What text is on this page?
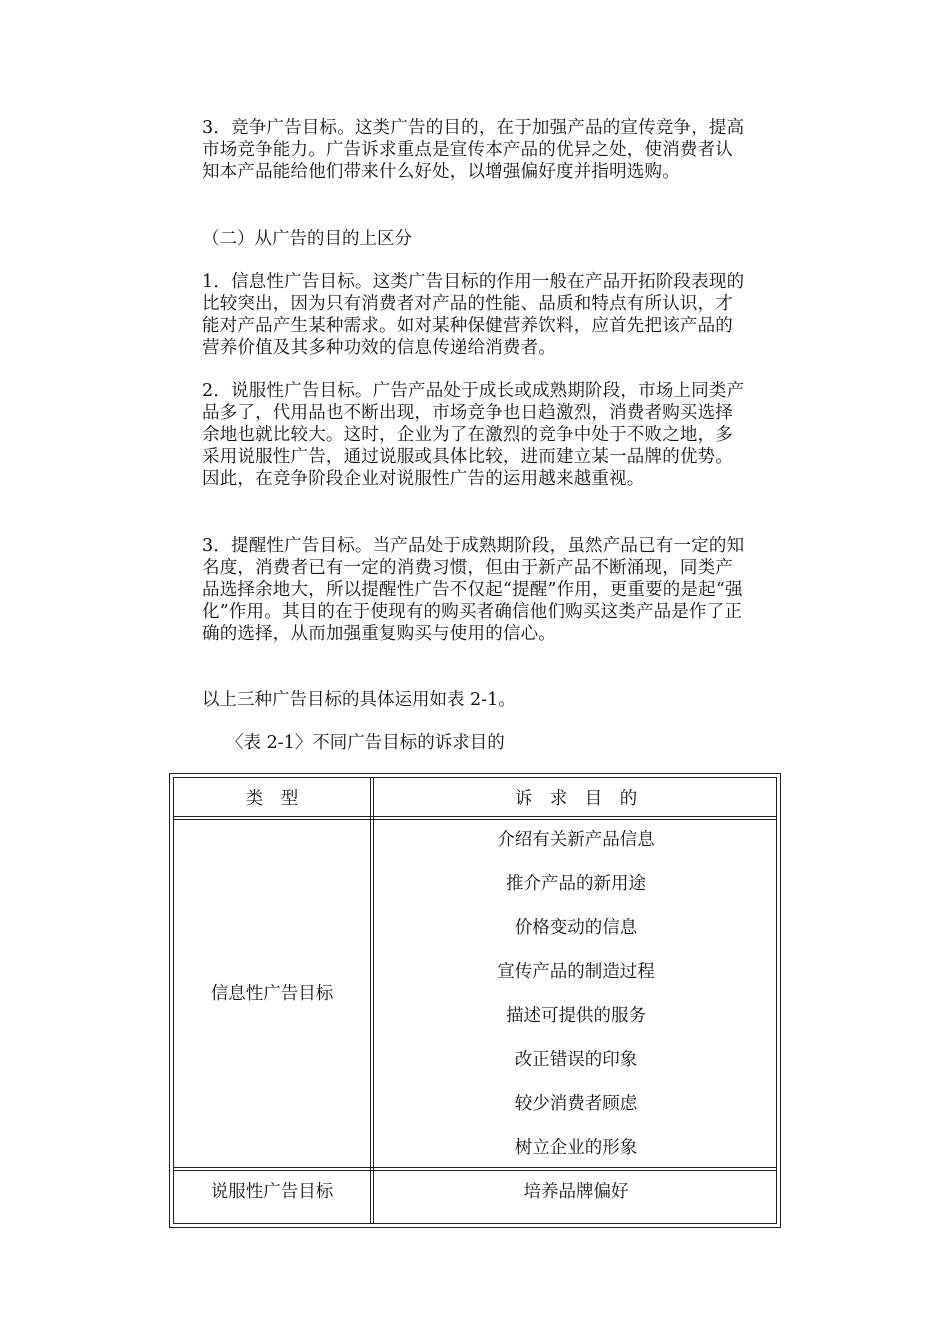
3．竞争广告目标。这类广告的目的，在于加强产品的宣传竞争，提高市场竞争能力。广告诉求重点是宣传本产品的优异之处，使消费者认知本产品能给他们带来什么好处，以增强偏好度并指明选购。

（二）从广告的目的上区分

1．信息性广告目标。这类广告目标的作用一般在产品开拓阶段表现的比较突出，因为只有消费者对产品的性能、品质和特点有所认识，才能对产品产生某种需求。如对某种保健营养饮料，应首先把该产品的营养价值及其多种功效的信息传递给消费者。

2．说服性广告目标。广告产品处于成长或成熟期阶段，市场上同类产品多了，代用品也不断出现，市场竞争也日趋激烈，消费者购买选择余地也就比较大。这时，企业为了在激烈的竞争中处于不败之地，多采用说服性广告，通过说服或具体比较，进而建立某一品牌的优势。因此，在竞争阶段企业对说服性广告的运用越来越重视。

3．提醒性广告目标。当产品处于成熟期阶段，虽然产品已有一定的知名度，消费者已有一定的消费习惯，但由于新产品不断涌现，同类产品选择余地大，所以提醒性广告不仅起“提醒”作用，更重要的是起“强化”作用。其目的在于使现有的购买者确信他们购买这类产品是作了正确的选择，从而加强重复购买与使用的信心。

以上三种广告目标的具体运用如表 2-1。

〈表 2-1〉不同广告目标的诉求目的

类　型	诉　求　目　的
信息性广告目标
介绍有关新产品信息
推介产品的新用途
价格变动的信息
宣传产品的制造过程
描述可提供的服务
改正错误的印象
较少消费者顾虑
树立企业的形象
说服性广告目标	培养品牌偏好
